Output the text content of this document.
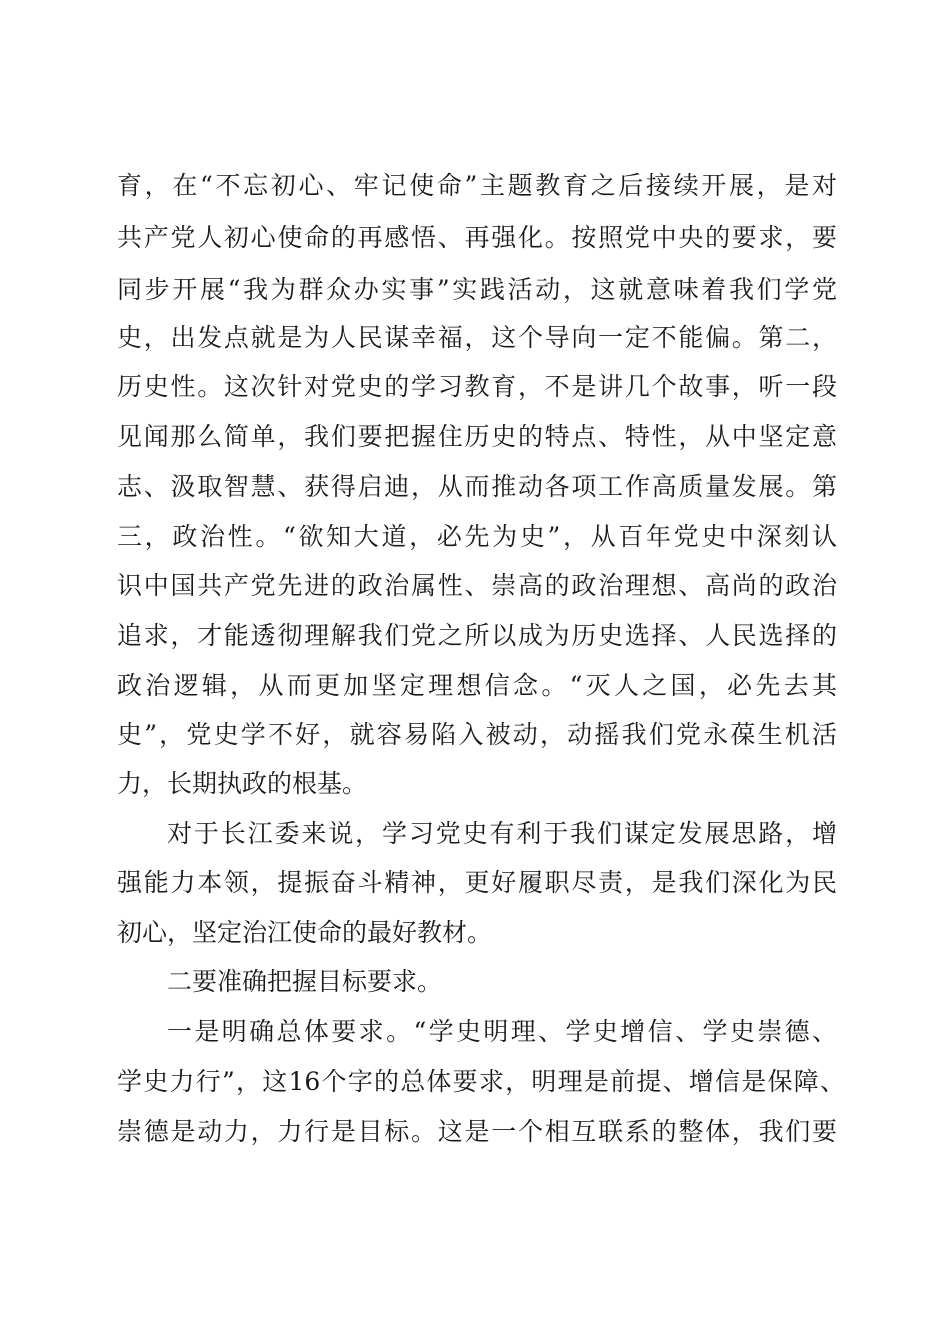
育，在“不忘初心、牢记使命”主题教育之后接续开展，是对
共产党人初心使命的再感悟、再强化。按照党中央的要求，要
同步开展“我为群众办实事”实践活动，这就意味着我们学党
史，出发点就是为人民谋幸福，这个导向一定不能偏。第二，
历史性。这次针对党史的学习教育，不是讲几个故事，听一段
见闻那么简单，我们要把握住历史的特点、特性，从中坚定意
志、汲取智慧、获得启迪，从而推动各项工作高质量发展。第
三，政治性。“欲知大道，必先为史”，从百年党史中深刻认
识中国共产党先进的政治属性、崇高的政治理想、高尚的政治
追求，才能透彻理解我们党之所以成为历史选择、人民选择的
政治逻辑，从而更加坚定理想信念。“灭人之国，必先去其
史”，党史学不好，就容易陷入被动，动摇我们党永葆生机活
力，长期执政的根基。
对于长江委来说，学习党史有利于我们谋定发展思路，增
强能力本领，提振奋斗精神，更好履职尽责，是我们深化为民
初心，坚定治江使命的最好教材。
二要准确把握目标要求。
一是明确总体要求。“学史明理、学史增信、学史崇德、
学史力行”，这16个字的总体要求，明理是前提、增信是保障、
崇德是动力，力行是目标。这是一个相互联系的整体，我们要
